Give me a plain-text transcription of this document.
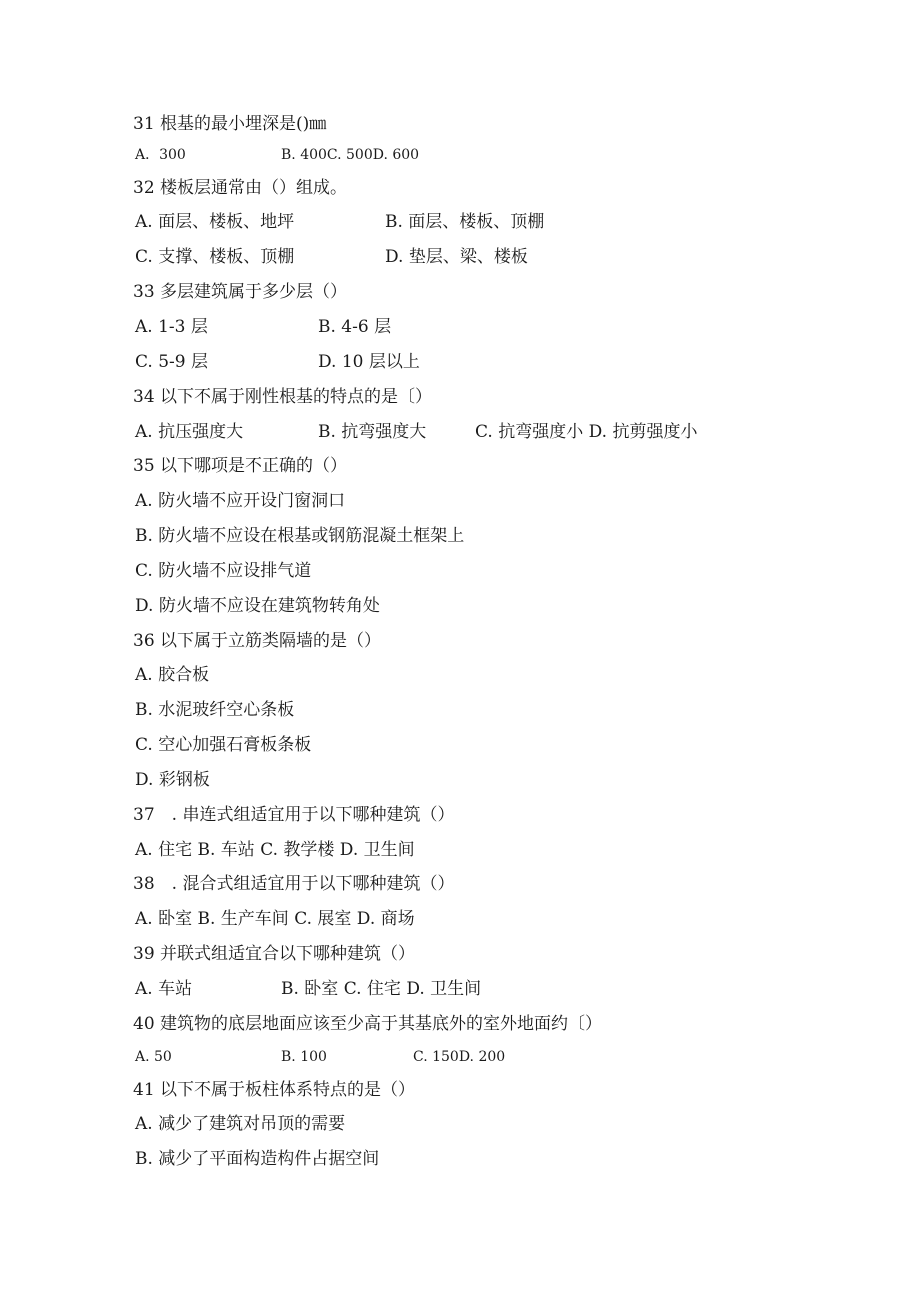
31 根基的最小埋深是()㎜
A．300	B. 400C. 500D. 600
32 楼板层通常由（）组成。
A. 面层、楼板、地坪	B. 面层、楼板、顶棚
C. 支撑、楼板、顶棚	D. 垫层、梁、楼板
33 多层建筑属于多少层（）
A. 1-3 层	B. 4-6 层
C. 5-9 层	D. 10 层以上
34 以下不属于刚性根基的特点的是〔）
A. 抗压强度大	B. 抗弯强度大	C. 抗弯强度小 D. 抗剪强度小
35 以下哪项是不正确的（）
A. 防火墙不应开设门窗洞口
B. 防火墙不应设在根基或钢筋混凝土框架上
C. 防火墙不应设排气道
D. 防火墙不应设在建筑物转角处
36 以下属于立筋类隔墙的是（）
A. 胶合板
B. 水泥玻纤空心条板
C. 空心加强石膏板条板
D. 彩钢板
37　. 串连式组适宜用于以下哪种建筑（）
A. 住宅 B. 车站 C. 教学楼 D. 卫生间
38　. 混合式组适宜用于以下哪种建筑（）
A. 卧室 B. 生产车间 C. 展室 D. 商场
39 并联式组适宜合以下哪种建筑（）
A. 车站	B. 卧室 C. 住宅 D. 卫生间
40 建筑物的底层地面应该至少高于其基底外的室外地面约〔）
A. 50	B. 100	C. 150D. 200
41 以下不属于板柱体系特点的是（）
A. 减少了建筑对吊顶的需要
B. 减少了平面构造构件占据空间
